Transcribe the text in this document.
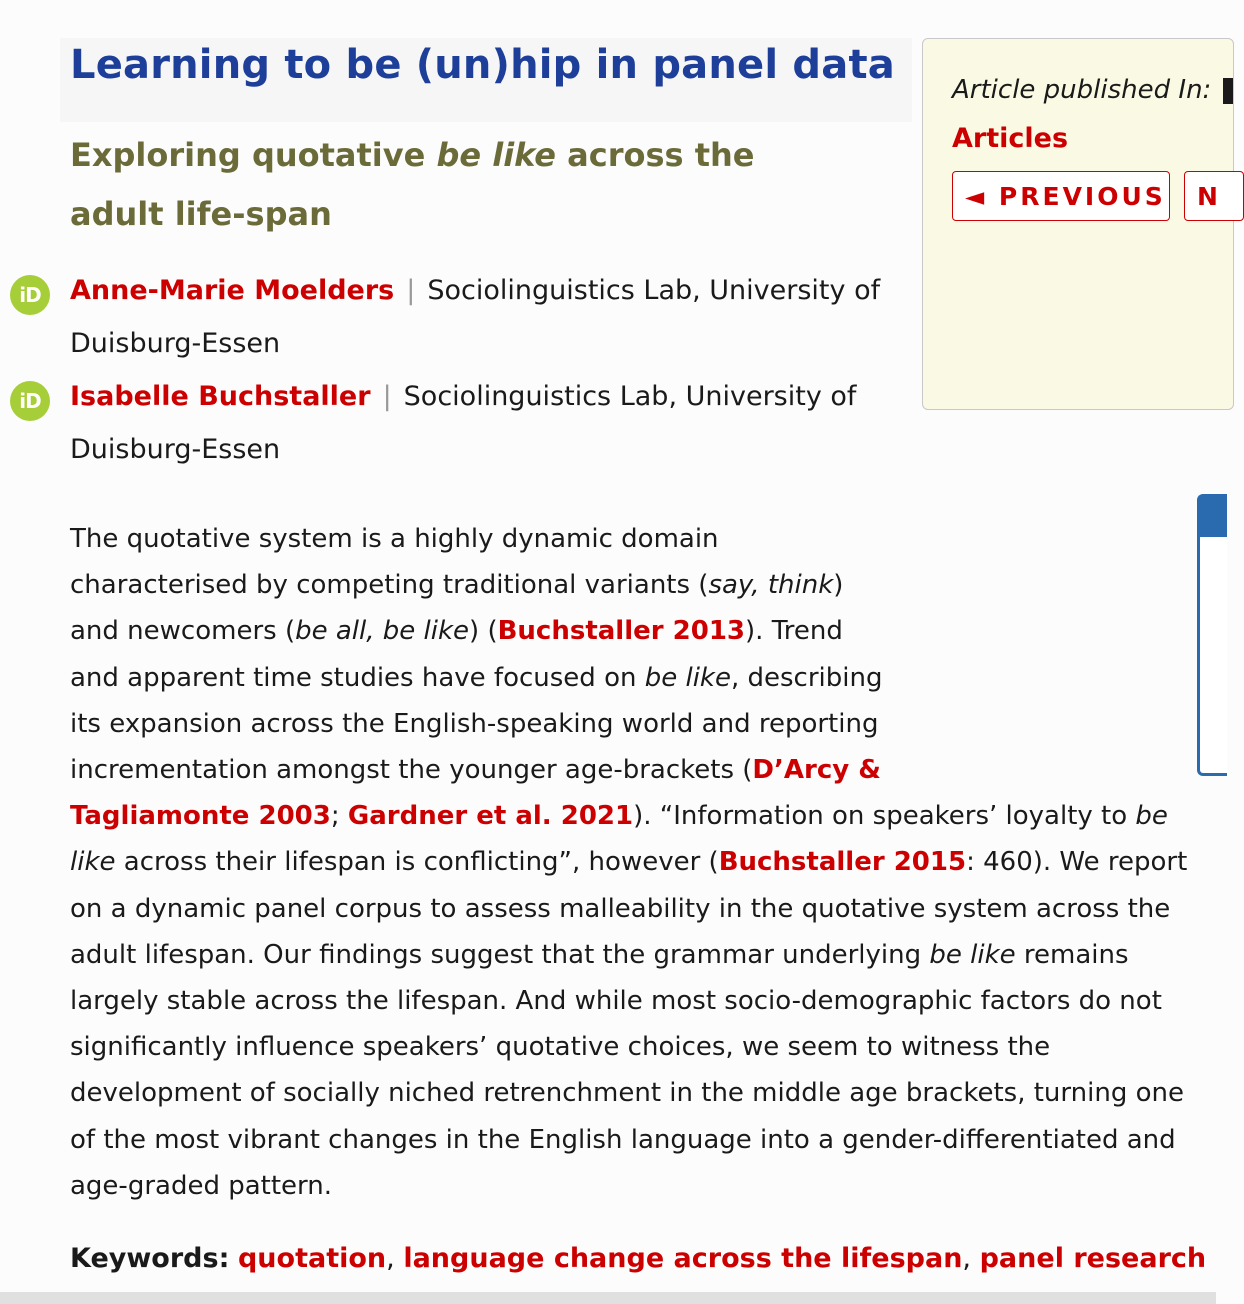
Learning to be (un)hip in panel data
Exploring quotative be like across the adult life-span
iD	Anne-Marie Moelders | Sociolinguistics Lab, University of Duisburg-Essen
iD	Isabelle Buchstaller | Sociolinguistics Lab, University of Duisburg-Essen
Article published In:
Articles
◄ PREVIOUS	N

The quotative system is a highly dynamic domain characterised by competing traditional variants (say, think) and newcomers (be all, be like) (Buchstaller 2013). Trend and apparent time studies have focused on be like, describing its expansion across the English-speaking world and reporting incrementation amongst the younger age-brackets (D’Arcy & Tagliamonte 2003; Gardner et al. 2021). “Information on speakers’ loyalty to be like across their lifespan is conflicting”, however (Buchstaller 2015: 460). We report on a dynamic panel corpus to assess malleability in the quotative system across the adult lifespan. Our findings suggest that the grammar underlying be like remains largely stable across the lifespan. And while most socio-demographic factors do not significantly influence speakers’ quotative choices, we seem to witness the development of socially niched retrenchment in the middle age brackets, turning one of the most vibrant changes in the English language into a gender-differentiated and age-graded pattern.

Keywords: quotation, language change across the lifespan, panel research
